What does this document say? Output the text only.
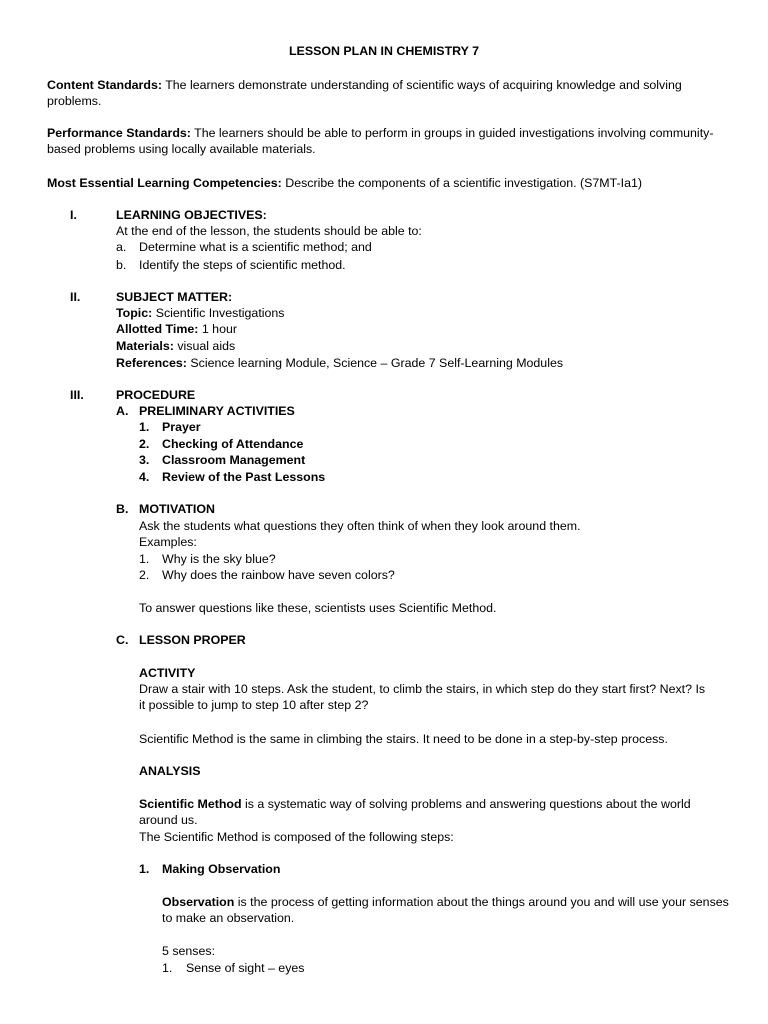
LESSON PLAN IN CHEMISTRY 7
Content Standards: The learners demonstrate understanding of scientific ways of acquiring knowledge and solving problems.
Performance Standards: The learners should be able to perform in groups in guided investigations involving community-based problems using locally available materials.
Most Essential Learning Competencies: Describe the components of a scientific investigation. (S7MT-Ia1)
I.	LEARNING OBJECTIVES:
At the end of the lesson, the students should be able to:
a. Determine what is a scientific method; and
b. Identify the steps of scientific method.
II.	SUBJECT MATTER:
Topic: Scientific Investigations
Allotted Time: 1 hour
Materials: visual aids
References: Science learning Module, Science – Grade 7 Self-Learning Modules
III.	PROCEDURE
A. PRELIMINARY ACTIVITIES
1. Prayer
2. Checking of Attendance
3. Classroom Management
4. Review of the Past Lessons
B. MOTIVATION
Ask the students what questions they often think of when they look around them.
Examples:
1. Why is the sky blue?
2. Why does the rainbow have seven colors?
To answer questions like these, scientists uses Scientific Method.
C. LESSON PROPER
ACTIVITY
Draw a stair with 10 steps. Ask the student, to climb the stairs, in which step do they start first? Next? Is it possible to jump to step 10 after step 2?
Scientific Method is the same in climbing the stairs. It need to be done in a step-by-step process.
ANALYSIS
Scientific Method is a systematic way of solving problems and answering questions about the world around us.
The Scientific Method is composed of the following steps:
1. Making Observation
Observation is the process of getting information about the things around you and will use your senses to make an observation.
5 senses:
1. Sense of sight – eyes
